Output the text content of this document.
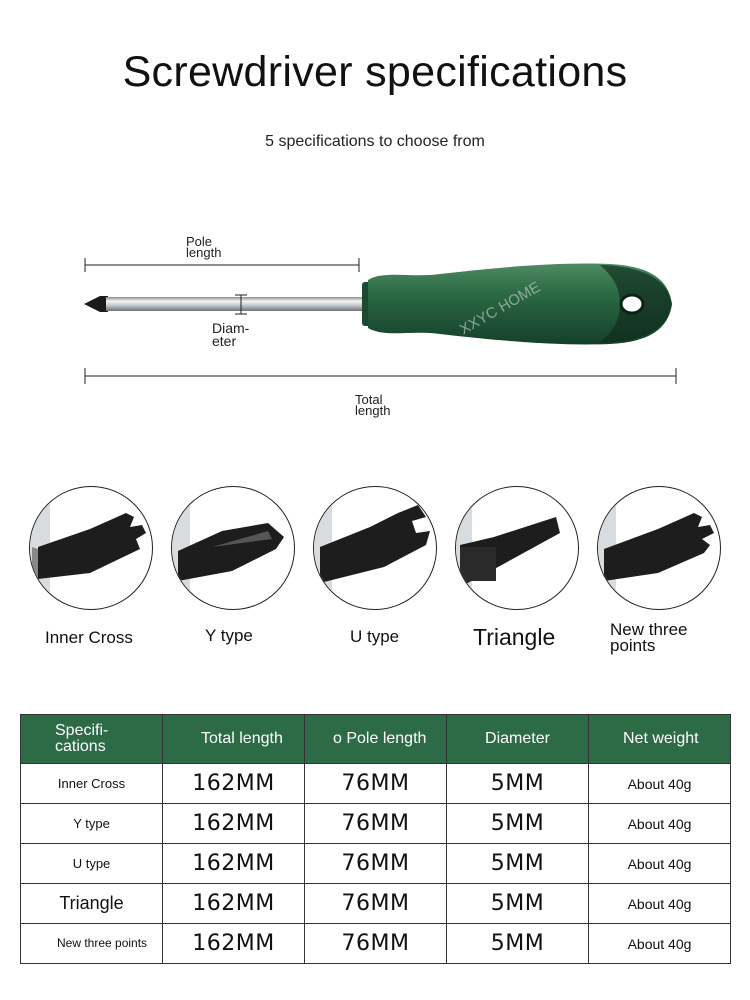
Screwdriver specifications
5 specifications to choose from
Pole
length
Diam-
eter
Total
length
Inner Cross	Y type	U type	Triangle	New three points
Specifi- cations	Total length	o Pole length	Diameter	Net weight
Inner Cross	162MM	76MM	5MM	About 40g
Y type	162MM	76MM	5MM	About 40g
U type	162MM	76MM	5MM	About 40g
Triangle	162MM	76MM	5MM	About 40g
New three points	162MM	76MM	5MM	About 40g
XXYC HOME
